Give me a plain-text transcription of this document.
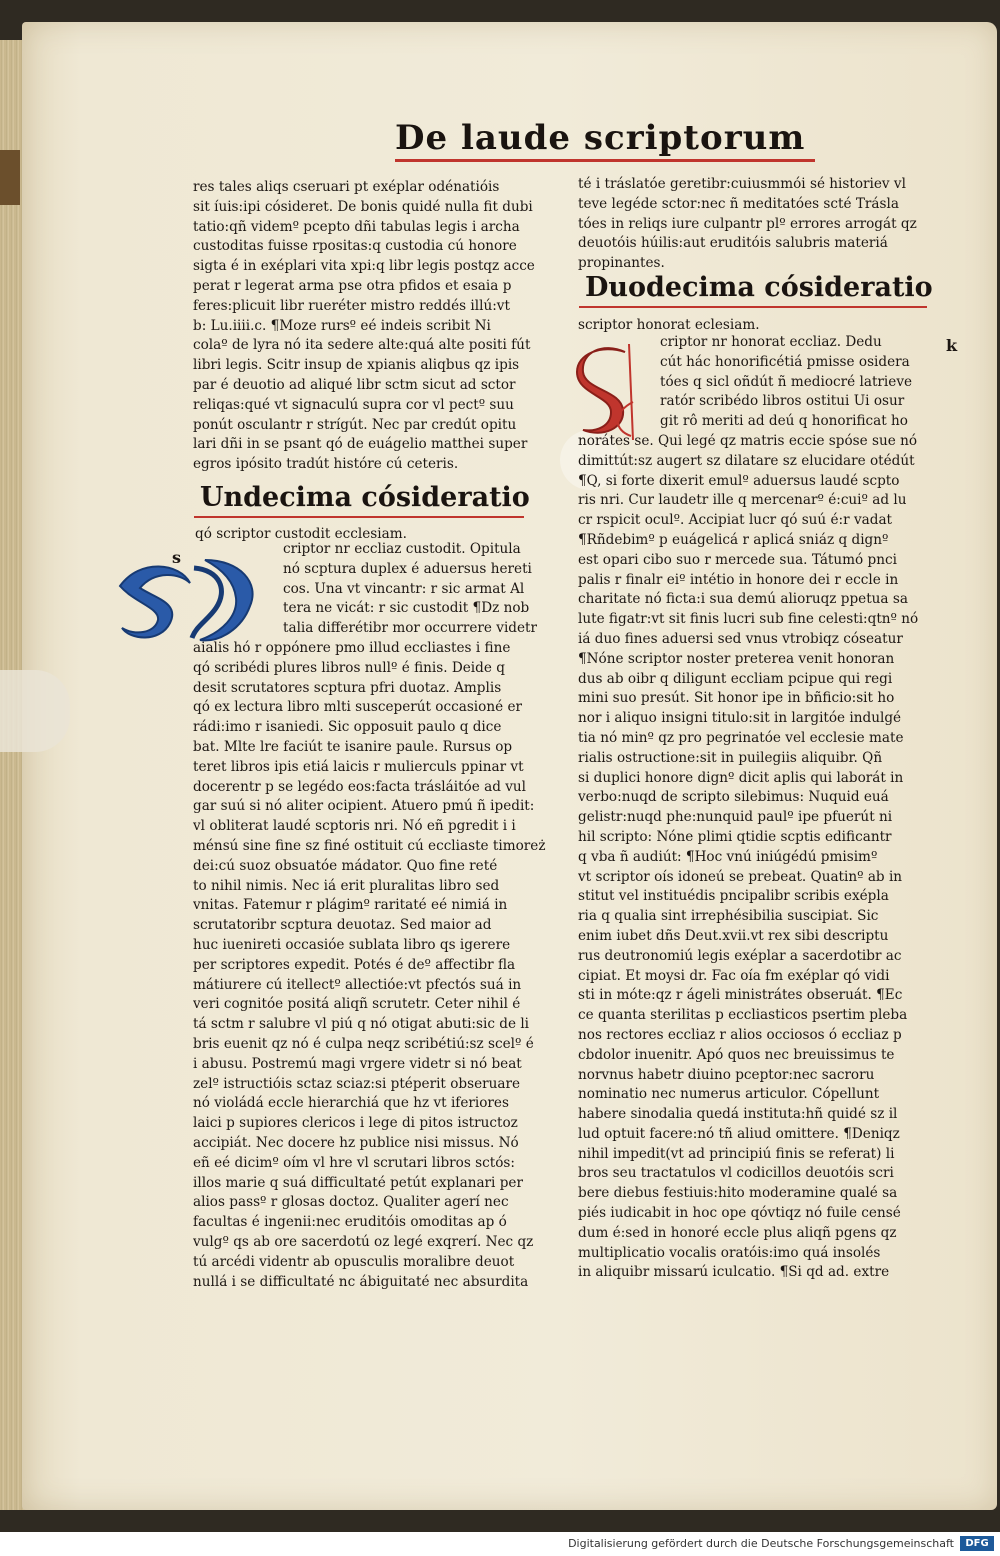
De laude scriptorum
res tales aliqs cseruari pt exéplar odénatióis
sit íuis:ipi cósideret. De bonis quidé nulla fit dubi
tatio:qñ videmº pcepto dñi tabulas legis i archa
custoditas fuisse rpositas:q custodia cú honore
sigta é in exéplari vita xpi:q libr legis postqz acce
perat r legerat arma pse otra pfidos et esaia p
feres:plicuit libr rueréter mistro reddés illú:vt
b: Lu.iiii.c. ¶Moze rursº eé indeis scribit Ni
colaº de lyra nó ita sedere alte:quá alte positi fút
libri legis. Scitr insup de xpianis aliqbus qz ipis
par é deuotio ad aliqué libr sctm sicut ad sctor
reliqas:qué vt signaculú supra cor vl pectº suu
ponút osculantr r strígút. Nec par credút opitu
lari dñi in se psant qó de euágelio matthei super
egros ipósito tradút históre cú ceteris.
Undecima cósideratio
qó scriptor custodit ecclesiam.
s	criptor nr eccliaz custodit. Opitula
nó scptura duplex é aduersus hereti
cos. Una vt vincantr: r sic armat Al
tera ne vicát: r sic custodit ¶Dz nob
talia differétibr mor occurrere videtr
aialis hó r oppónere pmo illud eccliastes i fine
qó scribédi plures libros nullº é finis. Deide q
desit scrutatores scptura pfri duotaz. Amplis
qó ex lectura libro mlti susceperút occasioné er
rádi:imo r isaniedi. Sic opposuit paulo q dice
bat. Mlte lre faciút te isanire paule. Rursus op
teret libros ipis etiá laicis r mulierculs ppinar vt
docerentr p se legédo eos:facta trásláitóe ad vul
gar suú si nó aliter ocipient. Atuero pmú ñ ipedit:
vl obliterat laudé scptoris nri. Nó eñ pgredit i i
ménsú sine fine sz finé ostituit cú eccliaste timoreż
dei:cú suoz obsuatóe mádator. Quo fine reté
to nihil nimis. Nec iá erit pluralitas libro sed
vnitas. Fatemur r plágimº raritaté eé nimiá in
scrutatoribr scptura deuotaz. Sed maior ad
huc iuenireti occasióe sublata libro qs igerere
per scriptores expedit. Potés é deº affectibr fla
mátiurere cú itellectº allectióe:vt pfectós suá in
veri cognitóe positá aliqñ scrutetr. Ceter nihil é
tá sctm r salubre vl piú q nó otigat abuti:sic de li
bris euenit qz nó é culpa neqz scribétiú:sz scelº é
i abusu. Postremú magi vrgere videtr si nó beat
zelº istructióis sctaz sciaz:si ptéperit obseruare
nó violádá eccle hierarchiá que hz vt iferiores
laici p supiores clericos i lege di pitos istructoz
accipiát. Nec docere hz publice nisi missus. Nó
eñ eé dicimº oím vl hre vl scrutari libros sctós:
illos marie q suá difficultaté petút explanari per
alios passº r glosas doctoz. Qualiter agerí nec
facultas é ingenii:nec eruditóis omoditas ap ó
vulgº qs ab ore sacerdotú oz legé exqrerí. Nec qz
tú arcédi videntr ab opusculis moralibre deuot
nullá i se difficultaté nc ábiguitaté nec absurdita
té i tráslatóe geretibr:cuiusmmói sé historiev vl
teve legéde sctor:nec ñ meditatóes scté Trásla
tóes in reliqs iure culpantr plº errores arrogát qz
deuotóis húilis:aut eruditóis salubris materiá
propinantes.
Duodecima cósideratio
scriptor honorat eclesiam.
k
criptor nr honorat eccliaz. Dedu
cút hác honorificétiá pmisse osidera
tóes q sicl oñdút ñ mediocré latrieve
ratór scribédo libros ostitui Ui osur
git rô meriti ad deú q honorificat ho
norátes se. Qui legé qz matris eccie spóse sue nó
dimittút:sz augert sz dilatare sz elucidare otédút
¶Q, si forte dixerit emulº aduersus laudé scpto
ris nri. Cur laudetr ille q mercenarº é:cuiº ad lu
cr rspicit oculº. Accipiat lucr qó suú é:r vadat
¶Rñdebimº p euágelicá r aplicá sniáz q dignº
est opari cibo suo r mercede sua. Tátumó pnci
palis r finalr eiº intétio in honore dei r eccle in
charitate nó ficta:i sua demú alioruqz ppetua sa
lute figatr:vt sit finis lucri sub fine celesti:qtnº nó
iá duo fines aduersi sed vnus vtrobiqz cóseatur
¶Nóne scriptor noster preterea venit honoran
dus ab oibr q diligunt eccliam pcipue qui regi
mini suo presút. Sit honor ipe in bñficio:sit ho
nor i aliquo insigni titulo:sit in largitóe indulgé
tia nó minº qz pro pegrinatóe vel ecclesie mate
rialis ostructione:sit in puilegiis aliquibr. Qñ
si duplici honore dignº dicit aplis qui laborát in
verbo:nuqd de scripto silebimus: Nuquid euá
gelistr:nuqd phe:nunquid paulº ipe pfuerút ni
hil scripto: Nóne plimi qtidie scptis edificantr
q vba ñ audiút: ¶Hoc vnú iniúgédú pmisimº
vt scriptor oís idoneú se prebeat. Quatinº ab in
stitut vel instituédis pncipalibr scribis exépla
ria q qualia sint irrephésibilia suscipiat. Sic
enim iubet dñs Deut.xvii.vt rex sibi descriptu
rus deutronomiú legis exéplar a sacerdotibr ac
cipiat. Et moysi dr. Fac oía fm exéplar qó vidi
sti in móte:qz r ágeli ministrátes obseruát. ¶Ec
ce quanta sterilitas p eccliasticos psertim pleba
nos rectores eccliaz r alios occiosos ó eccliaz p
cbdolor inuenitr. Apó quos nec breuissimus te
norvnus habetr diuino pceptor:nec sacroru
nominatio nec numerus articulor. Cópellunt
habere sinodalia quedá instituta:hñ quidé sz il
lud optuit facere:nó tñ aliud omittere. ¶Deniqz
nihil impedit(vt ad principiú finis se referat) li
bros seu tractatulos vl codicillos deuotóis scri
bere diebus festiuis:hito moderamine qualé sa
piés iudicabit in hoc ope qóvtiqz nó fuile censé
dum é:sed in honoré eccle plus aliqñ pgens qz
multiplicatio vocalis oratóis:imo quá insolés
in aliquibr missarú iculcatio. ¶Si qd ad. extre
Digitalisierung gefördert durch die Deutsche Forschungsgemeinschaft	DFG
